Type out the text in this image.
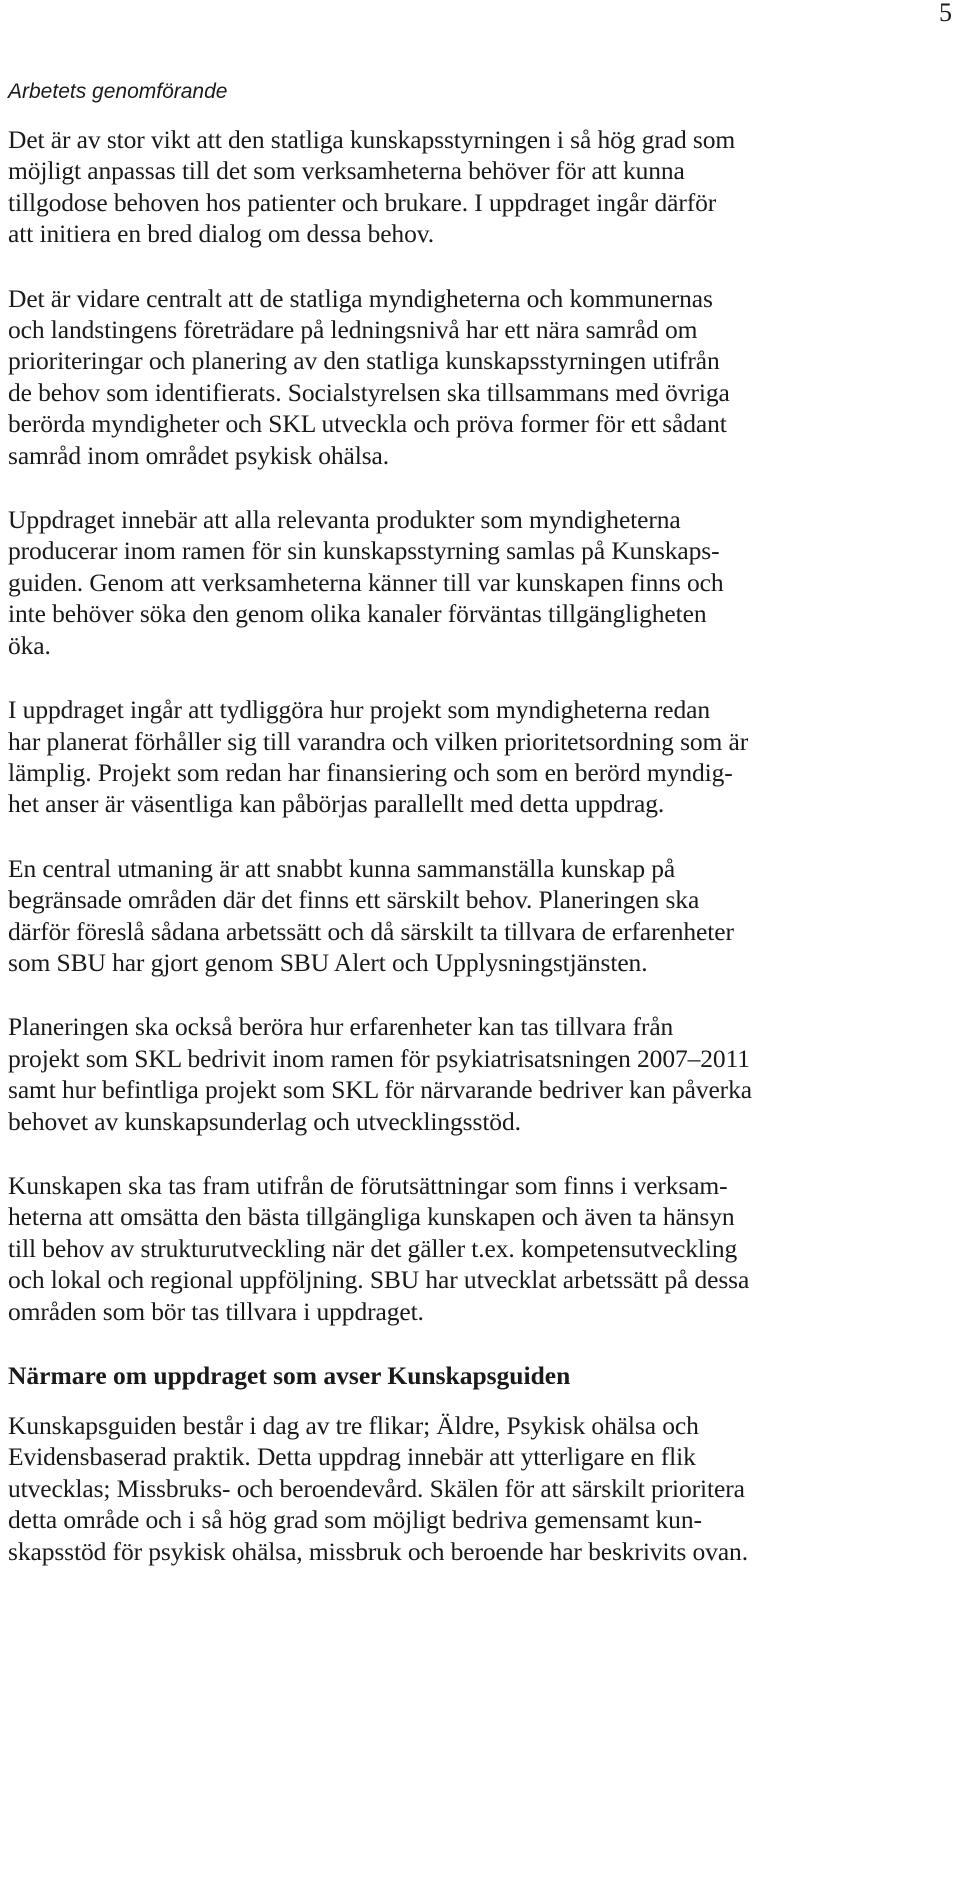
5
Arbetets genomförande
Det är av stor vikt att den statliga kunskapsstyrningen i så hög grad som
möjligt anpassas till det som verksamheterna behöver för att kunna
tillgodose behoven hos patienter och brukare. I uppdraget ingår därför
att initiera en bred dialog om dessa behov.
Det är vidare centralt att de statliga myndigheterna och kommunernas
och landstingens företrädare på ledningsnivå har ett nära samråd om
prioriteringar och planering av den statliga kunskapsstyrningen utifrån
de behov som identifierats. Socialstyrelsen ska tillsammans med övriga
berörda myndigheter och SKL utveckla och pröva former för ett sådant
samråd inom området psykisk ohälsa.
Uppdraget innebär att alla relevanta produkter som myndigheterna
producerar inom ramen för sin kunskapsstyrning samlas på Kunskaps-
guiden. Genom att verksamheterna känner till var kunskapen finns och
inte behöver söka den genom olika kanaler förväntas tillgängligheten
öka.
I uppdraget ingår att tydliggöra hur projekt som myndigheterna redan
har planerat förhåller sig till varandra och vilken prioritetsordning som är
lämplig. Projekt som redan har finansiering och som en berörd myndig-
het anser är väsentliga kan påbörjas parallellt med detta uppdrag.
En central utmaning är att snabbt kunna sammanställa kunskap på
begränsade områden där det finns ett särskilt behov. Planeringen ska
därför föreslå sådana arbetssätt och då särskilt ta tillvara de erfarenheter
som SBU har gjort genom SBU Alert och Upplysningstjänsten.
Planeringen ska också beröra hur erfarenheter kan tas tillvara från
projekt som SKL bedrivit inom ramen för psykiatrisatsningen 2007–2011
samt hur befintliga projekt som SKL för närvarande bedriver kan påverka
behovet av kunskapsunderlag och utvecklingsstöd.
Kunskapen ska tas fram utifrån de förutsättningar som finns i verksam-
heterna att omsätta den bästa tillgängliga kunskapen och även ta hänsyn
till behov av strukturutveckling när det gäller t.ex. kompetensutveckling
och lokal och regional uppföljning. SBU har utvecklat arbetssätt på dessa
områden som bör tas tillvara i uppdraget.
Närmare om uppdraget som avser Kunskapsguiden
Kunskapsguiden består i dag av tre flikar; Äldre, Psykisk ohälsa och
Evidensbaserad praktik. Detta uppdrag innebär att ytterligare en flik
utvecklas; Missbruks- och beroendevård. Skälen för att särskilt prioritera
detta område och i så hög grad som möjligt bedriva gemensamt kun-
skapsstöd för psykisk ohälsa, missbruk och beroende har beskrivits ovan.
